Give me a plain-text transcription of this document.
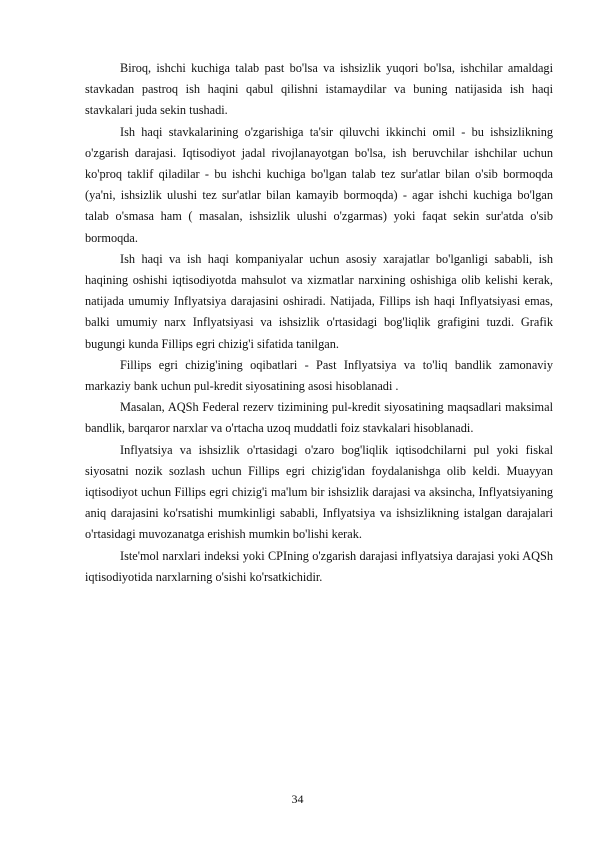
Biroq, ishchi kuchiga talab past bo'lsa va ishsizlik yuqori bo'lsa, ishchilar amaldagi stavkadan pastroq ish haqini qabul qilishni istamaydilar va buning natijasida ish haqi stavkalari juda sekin tushadi.

Ish haqi stavkalarining o'zgarishiga ta'sir qiluvchi ikkinchi omil - bu ishsizlikning o'zgarish darajasi. Iqtisodiyot jadal rivojlanayotgan bo'lsa, ish beruvchilar ishchilar uchun ko'proq taklif qiladilar - bu ishchi kuchiga bo'lgan talab tez sur'atlar bilan o'sib bormoqda (ya'ni, ishsizlik ulushi tez sur'atlar bilan kamayib bormoqda) - agar ishchi kuchiga bo'lgan talab o'smasa ham ( masalan, ishsizlik ulushi o'zgarmas) yoki faqat sekin sur'atda o'sib bormoqda.

Ish haqi va ish haqi kompaniyalar uchun asosiy xarajatlar bo'lganligi sababli, ish haqining oshishi iqtisodiyotda mahsulot va xizmatlar narxining oshishiga olib kelishi kerak, natijada umumiy Inflyatsiya darajasini oshiradi. Natijada, Fillips ish haqi Inflyatsiyasi emas, balki umumiy narx Inflyatsiyasi va ishsizlik o'rtasidagi bog'liqlik grafigini tuzdi. Grafik bugungi kunda Fillips egri chizig'i sifatida tanilgan.

Fillips egri chizig'ining oqibatlari - Past Inflyatsiya va to'liq bandlik zamonaviy markaziy bank uchun pul-kredit siyosatining asosi hisoblanadi .

Masalan, AQSh Federal rezerv tizimining pul-kredit siyosatining maqsadlari maksimal bandlik, barqaror narxlar va o'rtacha uzoq muddatli foiz stavkalari hisoblanadi.

Inflyatsiya va ishsizlik o'rtasidagi o'zaro bog'liqlik iqtisodchilarni pul yoki fiskal siyosatni nozik sozlash uchun Fillips egri chizig'idan foydalanishga olib keldi. Muayyan iqtisodiyot uchun Fillips egri chizig'i ma'lum bir ishsizlik darajasi va aksincha, Inflyatsiyaning aniq darajasini ko'rsatishi mumkinligi sababli, Inflyatsiya va ishsizlikning istalgan darajalari o'rtasidagi muvozanatga erishish mumkin bo'lishi kerak.

Iste'mol narxlari indeksi yoki CPIning o'zgarish darajasi inflyatsiya darajasi yoki AQSh iqtisodiyotida narxlarning o'sishi ko'rsatkichidir.

34
